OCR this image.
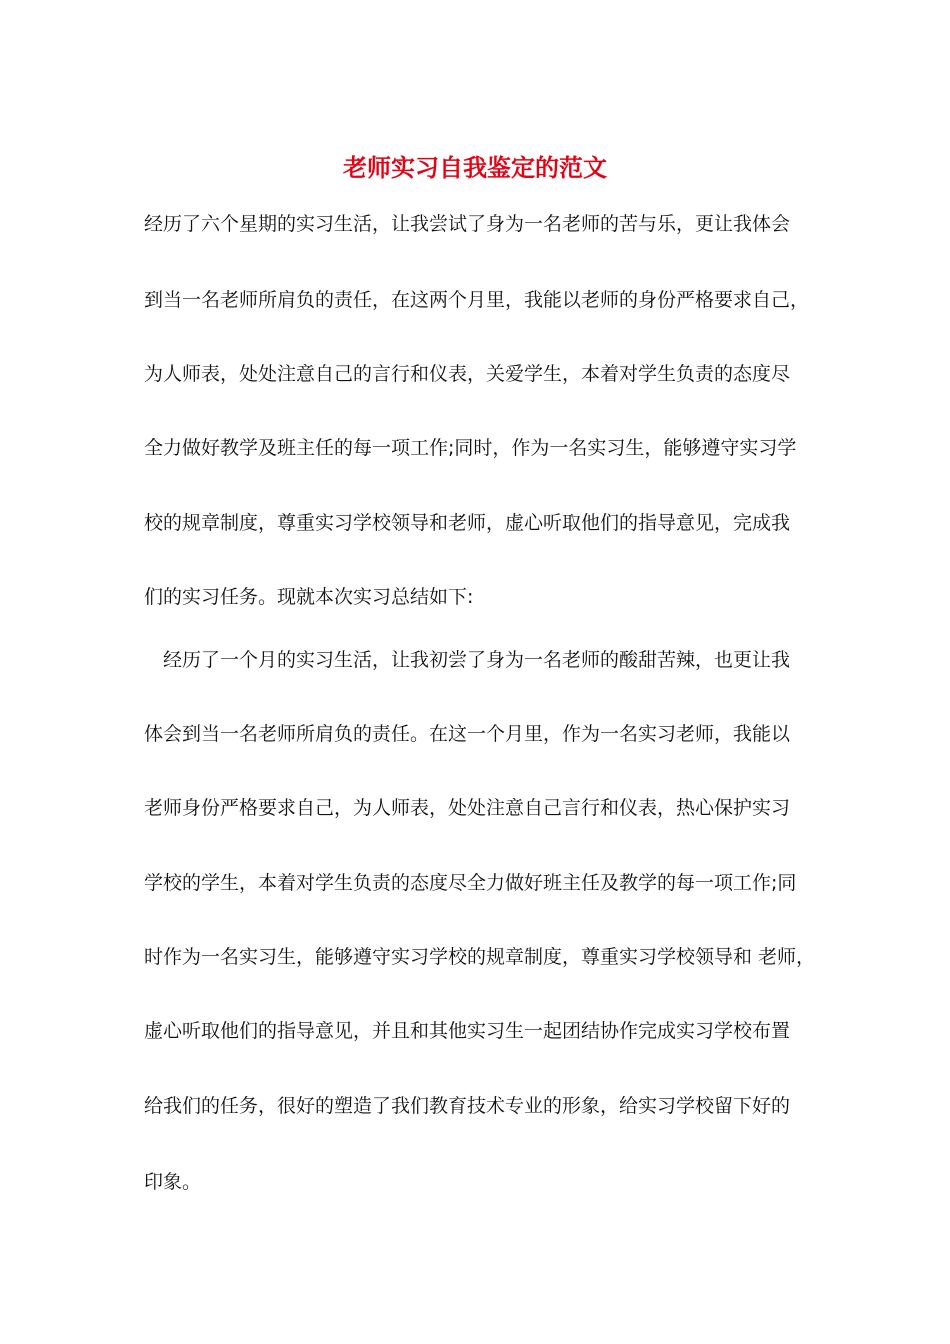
老师实习自我鉴定的范文
经历了六个星期的实习生活，让我尝试了身为一名老师的苦与乐，更让我体会
到当一名老师所肩负的责任，在这两个月里，我能以老师的身份严格要求自己，
为人师表，处处注意自己的言行和仪表，关爱学生，本着对学生负责的态度尽
全力做好教学及班主任的每一项工作;同时，作为一名实习生，能够遵守实习学
校的规章制度，尊重实习学校领导和老师，虚心听取他们的指导意见，完成我
们的实习任务。现就本次实习总结如下:
经历了一个月的实习生活，让我初尝了身为一名老师的酸甜苦辣，也更让我
体会到当一名老师所肩负的责任。在这一个月里，作为一名实习老师，我能以
老师身份严格要求自己，为人师表，处处注意自己言行和仪表，热心保护实习
学校的学生，本着对学生负责的态度尽全力做好班主任及教学的每一项工作;同
时作为一名实习生，能够遵守实习学校的规章制度，尊重实习学校领导和 老师，
虚心听取他们的指导意见，并且和其他实习生一起团结协作完成实习学校布置
给我们的任务，很好的塑造了我们教育技术专业的形象，给实习学校留下好的
印象。
